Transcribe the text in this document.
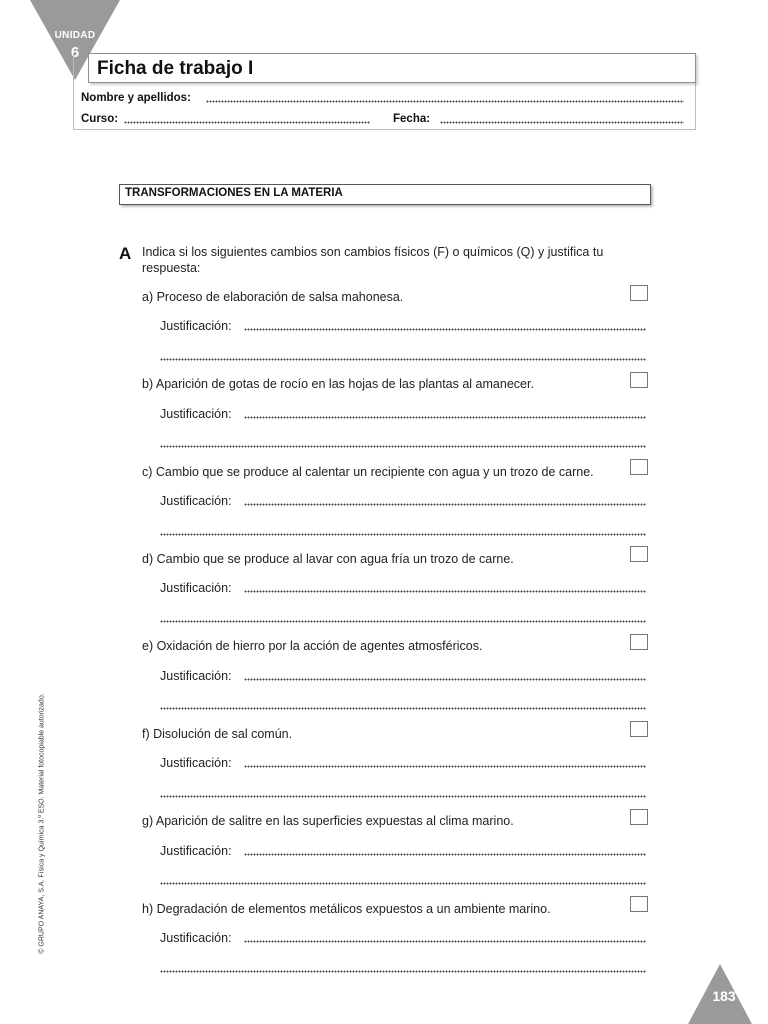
UNIDAD
6
Ficha de trabajo I
Nombre y apellidos:
Curso:	Fecha:
TRANSFORMACIONES EN LA MATERIA
A Indica si los siguientes cambios son cambios físicos (F) o químicos (Q) y justifica tu respuesta:
a) Proceso de elaboración de salsa mahonesa.
Justificación:
b) Aparición de gotas de rocío en las hojas de las plantas al amanecer.
Justificación:
c) Cambio que se produce al calentar un recipiente con agua y un trozo de carne.
Justificación:
d) Cambio que se produce al lavar con agua fría un trozo de carne.
Justificación:
e) Oxidación de hierro por la acción de agentes atmosféricos.
Justificación:
f) Disolución de sal común.
Justificación:
g) Aparición de salitre en las superficies expuestas al clima marino.
Justificación:
h) Degradación de elementos metálicos expuestos a un ambiente marino.
Justificación:
© GRUPO ANAYA, S.A. Física y Química 3.º ESO. Material fotocopiable autorizado.
183
